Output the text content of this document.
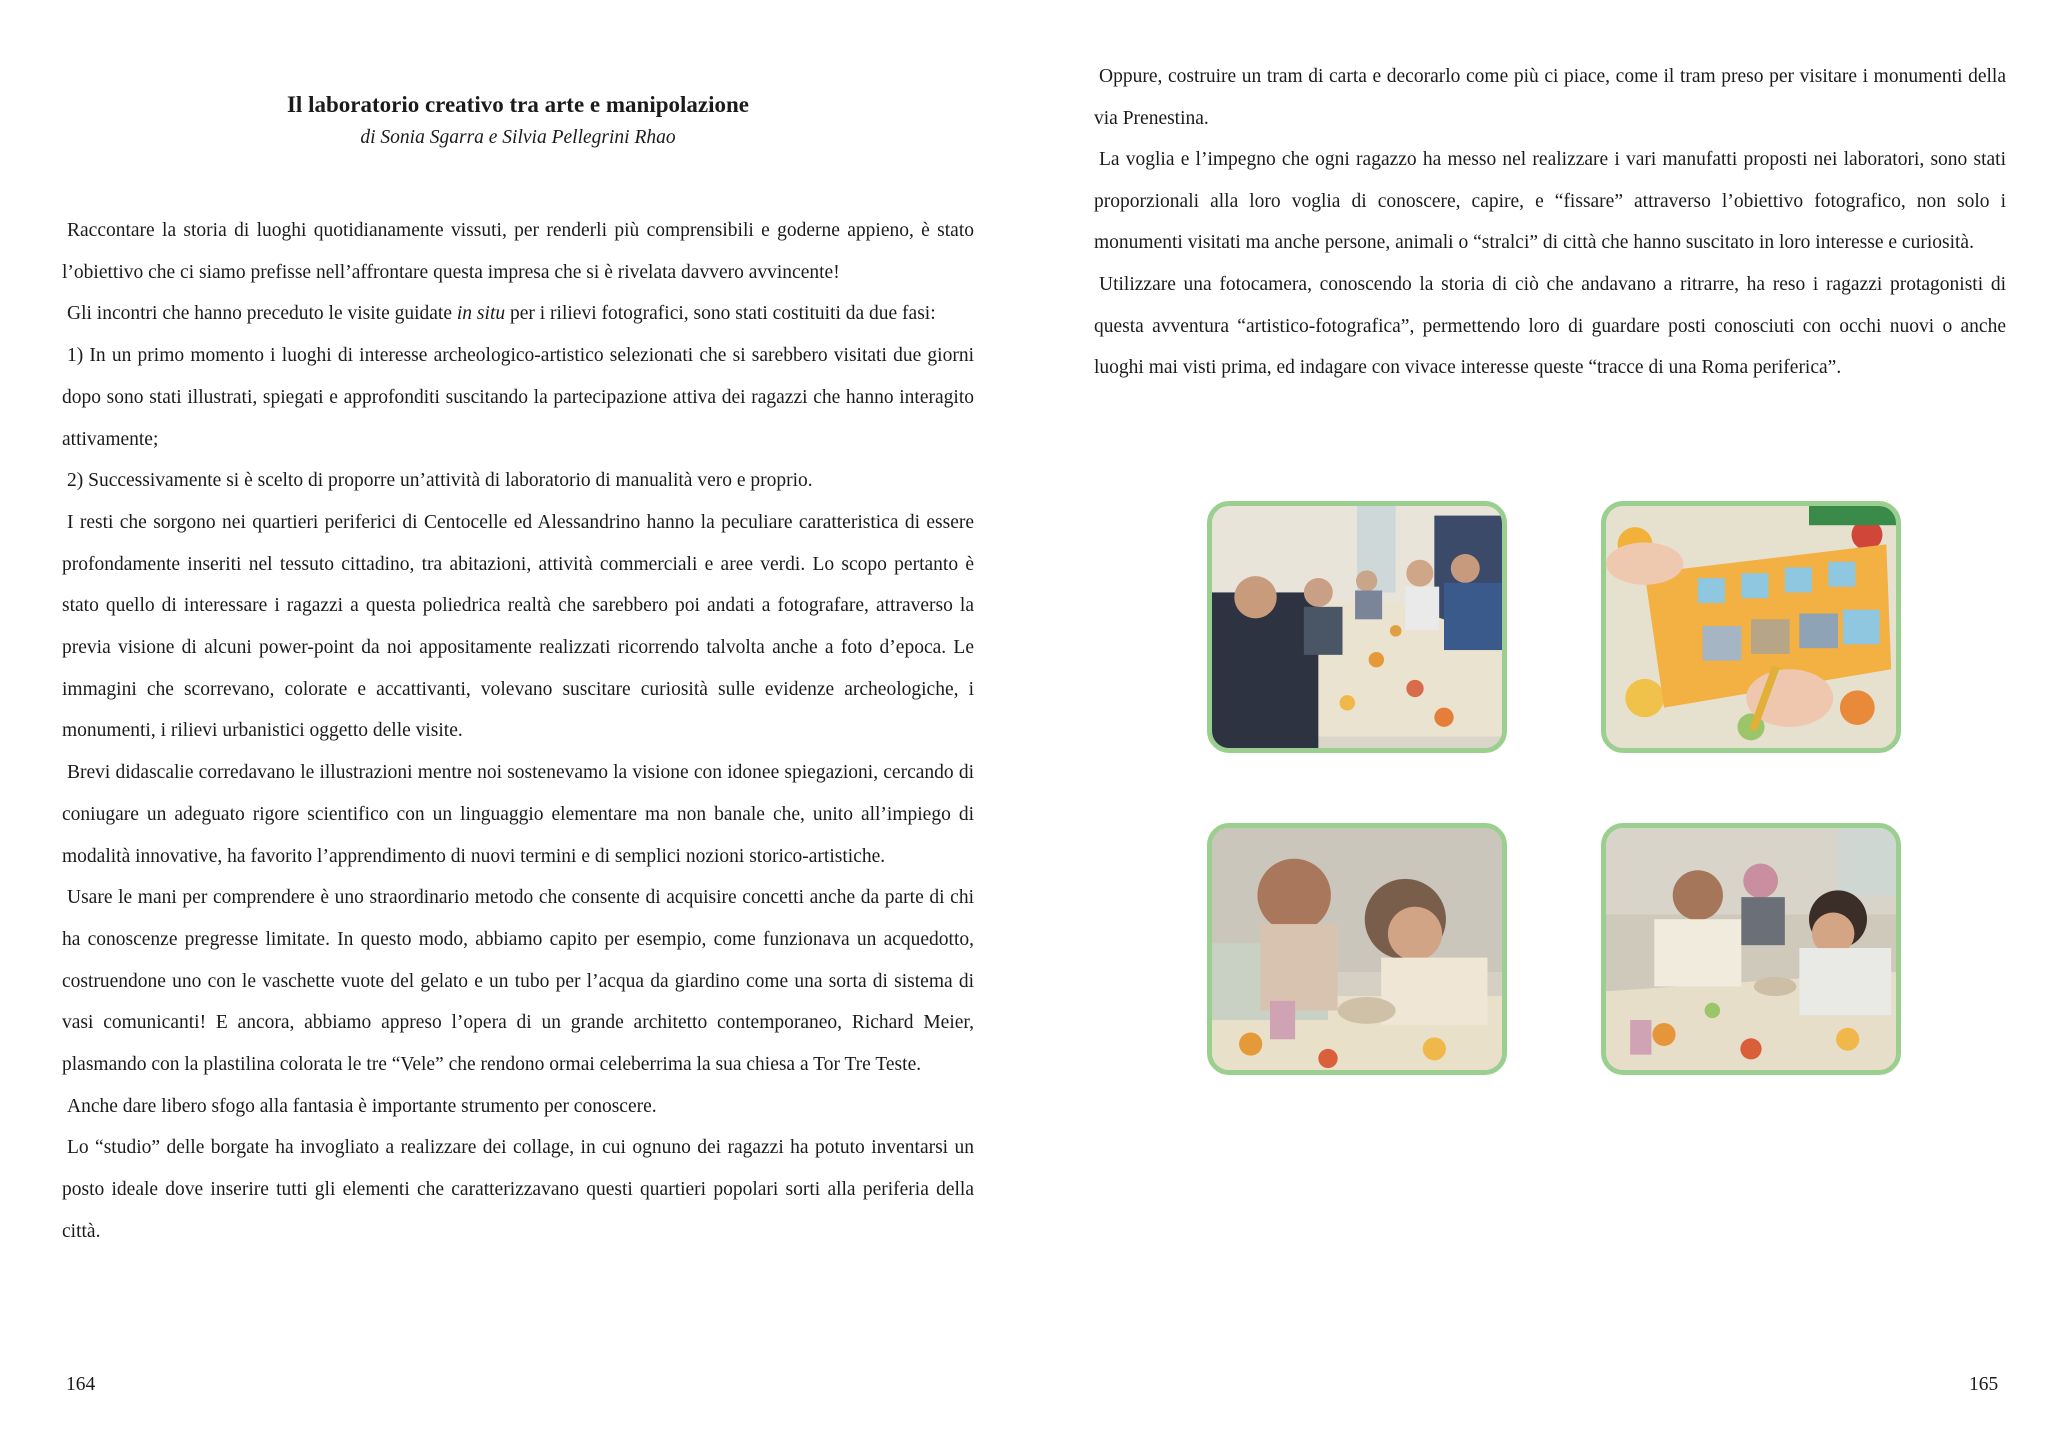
Il laboratorio creativo tra arte e manipolazione
di Sonia Sgarra e Silvia Pellegrini Rhao

Raccontare la storia di luoghi quotidianamente vissuti, per renderli più comprensibili e goderne appieno, è stato l’obiettivo che ci siamo prefisse nell’affrontare questa impresa che si è rivelata davvero avvincente!

Gli incontri che hanno preceduto le visite guidate in situ per i rilievi fotografici, sono stati costituiti da due fasi:

1) In un primo momento i luoghi di interesse archeologico-artistico selezionati che si sarebbero visitati due giorni dopo sono stati illustrati, spiegati e approfonditi suscitando la partecipazione attiva dei ragazzi che hanno interagito attivamente;

2) Successivamente si è scelto di proporre un’attività di laboratorio di manualità vero e proprio.

I resti che sorgono nei quartieri periferici di Centocelle ed Alessandrino hanno la peculiare caratteristica di essere profondamente inseriti nel tessuto cittadino, tra abitazioni, attività commerciali e aree verdi. Lo scopo pertanto è stato quello di interessare i ragazzi a questa poliedrica realtà che sarebbero poi andati a fotografare, attraverso la previa visione di alcuni power-point da noi appositamente realizzati ricorrendo talvolta anche a foto d’epoca. Le immagini che scorrevano, colorate e accattivanti, volevano suscitare curiosità sulle evidenze archeologiche, i monumenti, i rilievi urbanistici oggetto delle visite.

Brevi didascalie corredavano le illustrazioni mentre noi sostenevamo la visione con idonee spiegazioni, cercando di coniugare un adeguato rigore scientifico con un linguaggio elementare ma non banale che, unito all’impiego di modalità innovative, ha favorito l’apprendimento di nuovi termini e di semplici nozioni storico-artistiche.

Usare le mani per comprendere è uno straordinario metodo che consente di acquisire concetti anche da parte di chi ha conoscenze pregresse limitate. In questo modo, abbiamo capito per esempio, come funzionava un acquedotto, costruendone uno con le vaschette vuote del gelato e un tubo per l’acqua da giardino come una sorta di sistema di vasi comunicanti! E ancora, abbiamo appreso l’opera di un grande architetto contemporaneo, Richard Meier, plasmando con la plastilina colorata le tre “Vele” che rendono ormai celeberrima la sua chiesa a Tor Tre Teste.

Anche dare libero sfogo alla fantasia è importante strumento per conoscere.

Lo “studio” delle borgate ha invogliato a realizzare dei collage, in cui ognuno dei ragazzi ha potuto inventarsi un posto ideale dove inserire tutti gli elementi che caratterizzavano questi quartieri popolari sorti alla periferia della città.

164

Oppure, costruire un tram di carta e decorarlo come più ci piace, come il tram preso per visitare i monumenti della via Prenestina.

La voglia e l’impegno che ogni ragazzo ha messo nel realizzare i vari manufatti proposti nei laboratori, sono stati proporzionali alla loro voglia di conoscere, capire, e “fissare” attraverso l’obiettivo fotografico, non solo i monumenti visitati ma anche persone, animali o “stralci” di città che hanno suscitato in loro interesse e curiosità.

Utilizzare una fotocamera, conoscendo la storia di ciò che andavano a ritrarre, ha reso i ragazzi protagonisti di questa avventura “artistico-fotografica”, permettendo loro di guardare posti conosciuti con occhi nuovi o anche luoghi mai visti prima, ed indagare con vivace interesse queste “tracce di una Roma periferica”.

165
